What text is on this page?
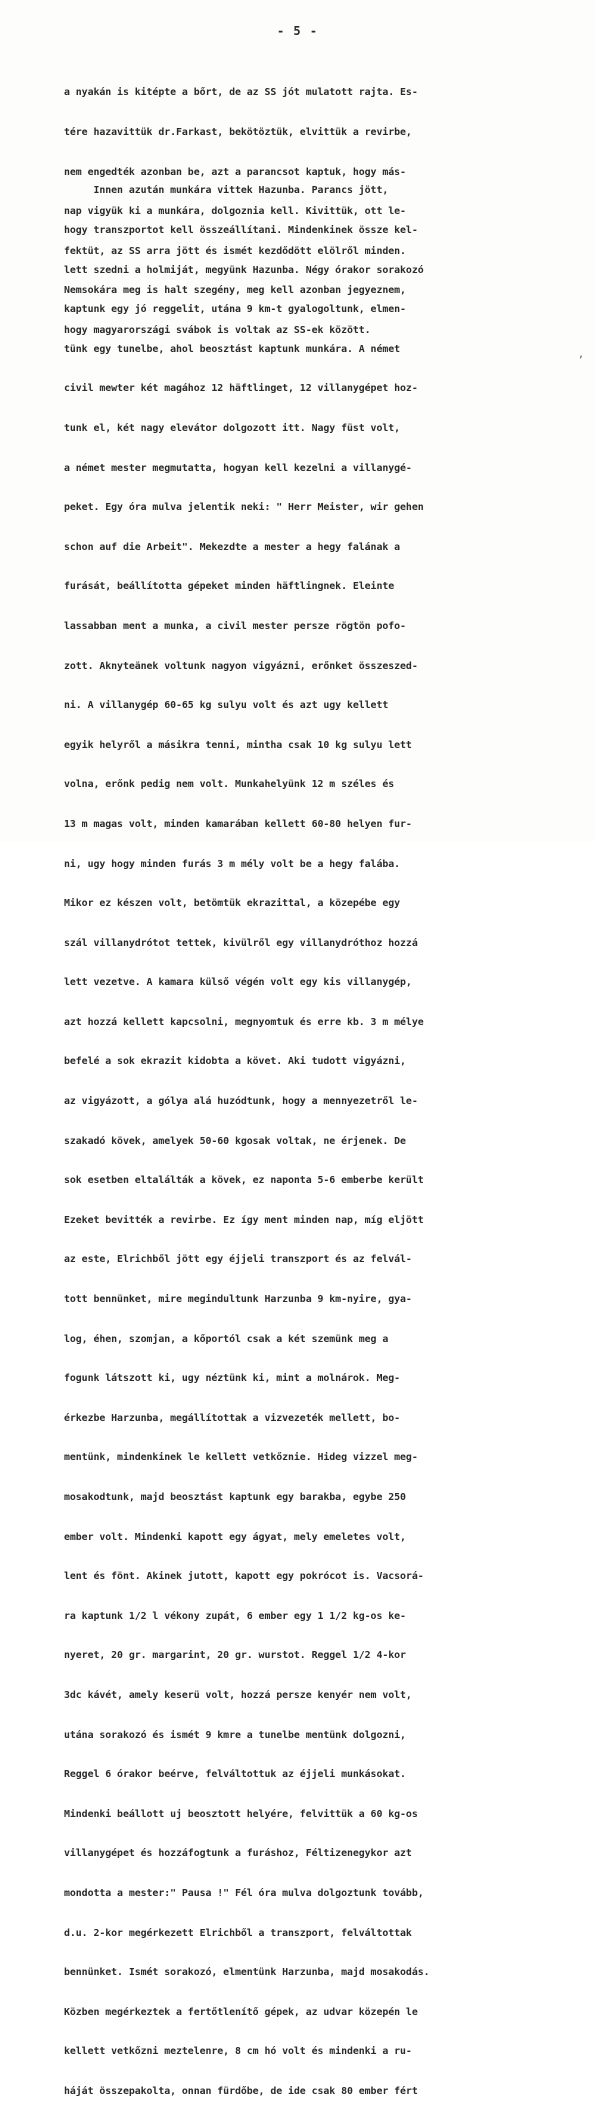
- 5 -

a nyakán is kitépte a bőrt, de az SS jót mulatott rajta. Es-

tére hazavittük dr.Farkast, bekötöztük, elvittük a revirbe,

nem engedték azonban be, azt a parancsot kaptuk, hogy más-

nap vigyük ki a munkára, dolgoznia kell. Kivittük, ott le-

fektüt, az SS arra jött és ismét kezdődött elölről minden.

Nemsokára meg is halt szegény, meg kell azonban jegyeznem,

hogy magyarországi svábok is voltak az SS-ek között.

Innen azután munkára vittek Hazunba. Parancs jött,

hogy transzportot kell összeállítani. Mindenkinek össze kel-

lett szedni a holmiját, megyünk Hazunba. Négy órakor sorakozó

kaptunk egy jó reggelit, utána 9 km-t gyalogoltunk, elmen-

tünk egy tunelbe, ahol beosztást kaptunk munkára. A német

civil mewter két magához 12 häftlinget, 12 villanygépet hoz-

tunk el, két nagy elevátor dolgozott itt. Nagy füst volt,

a német mester megmutatta, hogyan kell kezelni a villanygé-

peket. Egy óra mulva jelentik neki: " Herr Meister, wir gehen

schon auf die Arbeit". Mekezdte a mester a hegy falának a

furását, beállította gépeket minden häftlingnek. Eleinte

lassabban ment a munka, a civil mester persze rögtön pofo-

zott. Aknyteänek voltunk nagyon vigyázni, erőnket összeszed-

ni. A villanygép 60-65 kg sulyu volt és azt ugy kellett

egyik helyről a másikra tenni, mintha csak 10 kg sulyu lett

volna, erőnk pedig nem volt. Munkahelyünk 12 m széles és

13 m magas volt, minden kamarában kellett 60-80 helyen fur-

ni, ugy hogy minden furás 3 m mély volt be a hegy falába.

Mikor ez készen volt, betömtük ekrazittal, a közepébe egy

szál villanydrótot tettek, kivülről egy villanydróthoz hozzá

lett vezetve. A kamara külső végén volt egy kis villanygép,

azt hozzá kellett kapcsolni, megnyomtuk és erre kb. 3 m mélye

befelé a sok ekrazit kidobta a követ. Aki tudott vigyázni,

az vigyázott, a gólya alá huzódtunk, hogy a mennyezetről le-

szakadó kövek, amelyek 50-60 kgosak voltak, ne érjenek. De

sok esetben eltalálták a kövek, ez naponta 5-6 emberbe került

Ezeket bevitték a revirbe. Ez így ment minden nap, míg eljött

az este, Elrichből jött egy éjjeli transzport és az felvál-

tott bennünket, mire megindultunk Harzunba 9 km-nyire, gya-

log, éhen, szomjan, a kőportól csak a két szemünk meg a

fogunk látszott ki, ugy néztünk ki, mint a molnárok. Meg-

érkezbe Harzunba, megállítottak a vizvezeték mellett, bo-

mentünk, mindenkinek le kellett vetkőznie. Hideg vizzel meg-

mosakodtunk, majd beosztást kaptunk egy barakba, egybe 250

ember volt. Mindenki kapott egy ágyat, mely emeletes volt,

lent és fönt. Akinek jutott, kapott egy pokrócot is. Vacsorá-

ra kaptunk 1/2 l vékony zupát, 6 ember egy 1 1/2 kg-os ke-

nyeret, 20 gr. margarint, 20 gr. wurstot. Reggel 1/2 4-kor

3dc kávét, amely keserü volt, hozzá persze kenyér nem volt,

utána sorakozó és ismét 9 kmre a tunelbe mentünk dolgozni,

Reggel 6 órakor beérve, felváltottuk az éjjeli munkásokat.

Mindenki beállott uj beosztott helyére, felvittük a 60 kg-os

villanygépet és hozzáfogtunk a furáshoz, Féltizenegykor azt

mondotta a mester:" Pausa !" Fél óra mulva dolgoztunk tovább,

d.u. 2-kor megérkezett Elrichből a transzport, felváltottak

bennünket. Ismét sorakozó, elmentünk Harzunba, majd mosakodás.

Közben megérkeztek a fertőtlenítő gépek, az udvar közepén le

kellett vetkőzni meztelenre, 8 cm hó volt és mindenki a ru-

háját összepakolta, onnan fürdőbe, de ide csak 80 ember fért

,
